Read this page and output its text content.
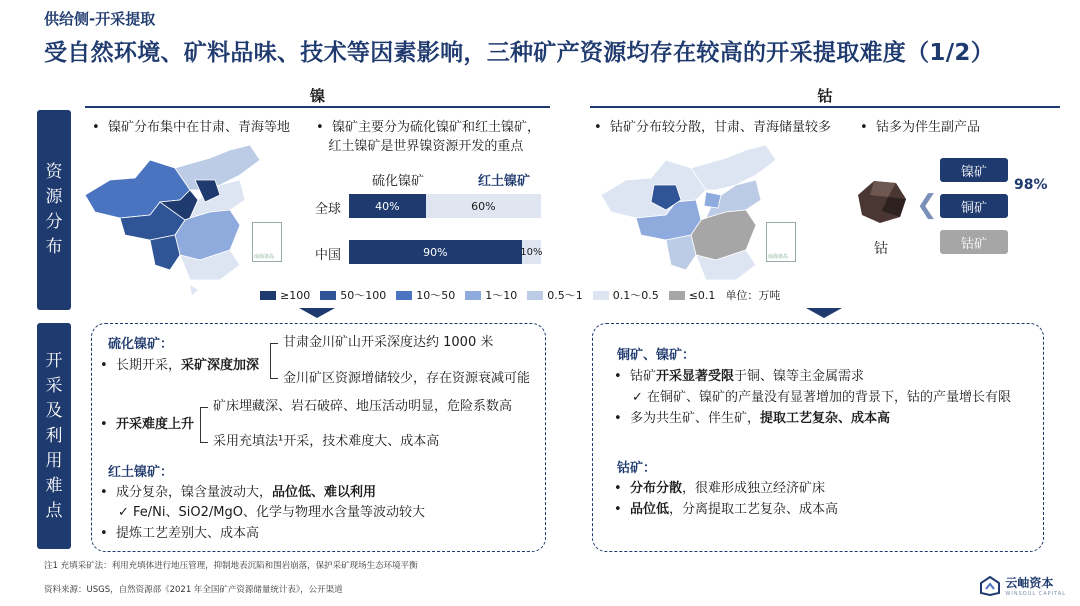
供给侧-开采提取
受自然环境、矿料品味、技术等因素影响，三种矿产资源均存在较高的开采提取难度（1/2）
资
源
分
布
开
采
及
利
用
难
点
镍	钴
•  镍矿分布集中在甘肃、青海等地 •  镍矿主要分为硫化镍矿和红土镍矿，
红土镍矿是世界镍资源开发的重点
南海诸岛
硫化镍矿	红土镍矿
全球	40%	60%
中国	90%	10%
•  钴矿分布较分散，甘肃、青海储量较多 •  钴多为伴生副产品
南海诸岛	钴
❮
镍矿
铜矿
钴矿
98%
≥100	50～100	10～50	1～10	0.5～1	0.1～0.5	≤0.1 单位：万吨
硫化镍矿：
•  长期开采，采矿深度加深
甘肃金川矿山开采深度达约 1000 米
金川矿区资源增储较少，存在资源衰减可能
•  开采难度上升
矿床埋藏深、岩石破碎、地压活动明显，危险系数高
采用充填法¹开采，技术难度大、成本高
红土镍矿：
•  成分复杂，镍含量波动大，品位低、难以利用
✓ Fe/Ni、SiO2/MgO、化学与物理水含量等波动较大
•  提炼工艺差别大、成本高
铜矿、镍矿：
•  钴矿开采显著受限于铜、镍等主金属需求
✓ 在铜矿、镍矿的产量没有显著增加的背景下，钴的产量增长有限
•  多为共生矿、伴生矿，提取工艺复杂、成本高
钴矿：
•  分布分散，很难形成独立经济矿床
•  品位低，分离提取工艺复杂、成本高
注1 充填采矿法：利用充填体进行地压管理，抑制地表沉陷和围岩崩落，保护采矿现场生态环境平衡
资料来源：USGS，自然资源部《2021 年全国矿产资源储量统计表》，公开渠道	云岫资本
WINSOUL CAPITAL
